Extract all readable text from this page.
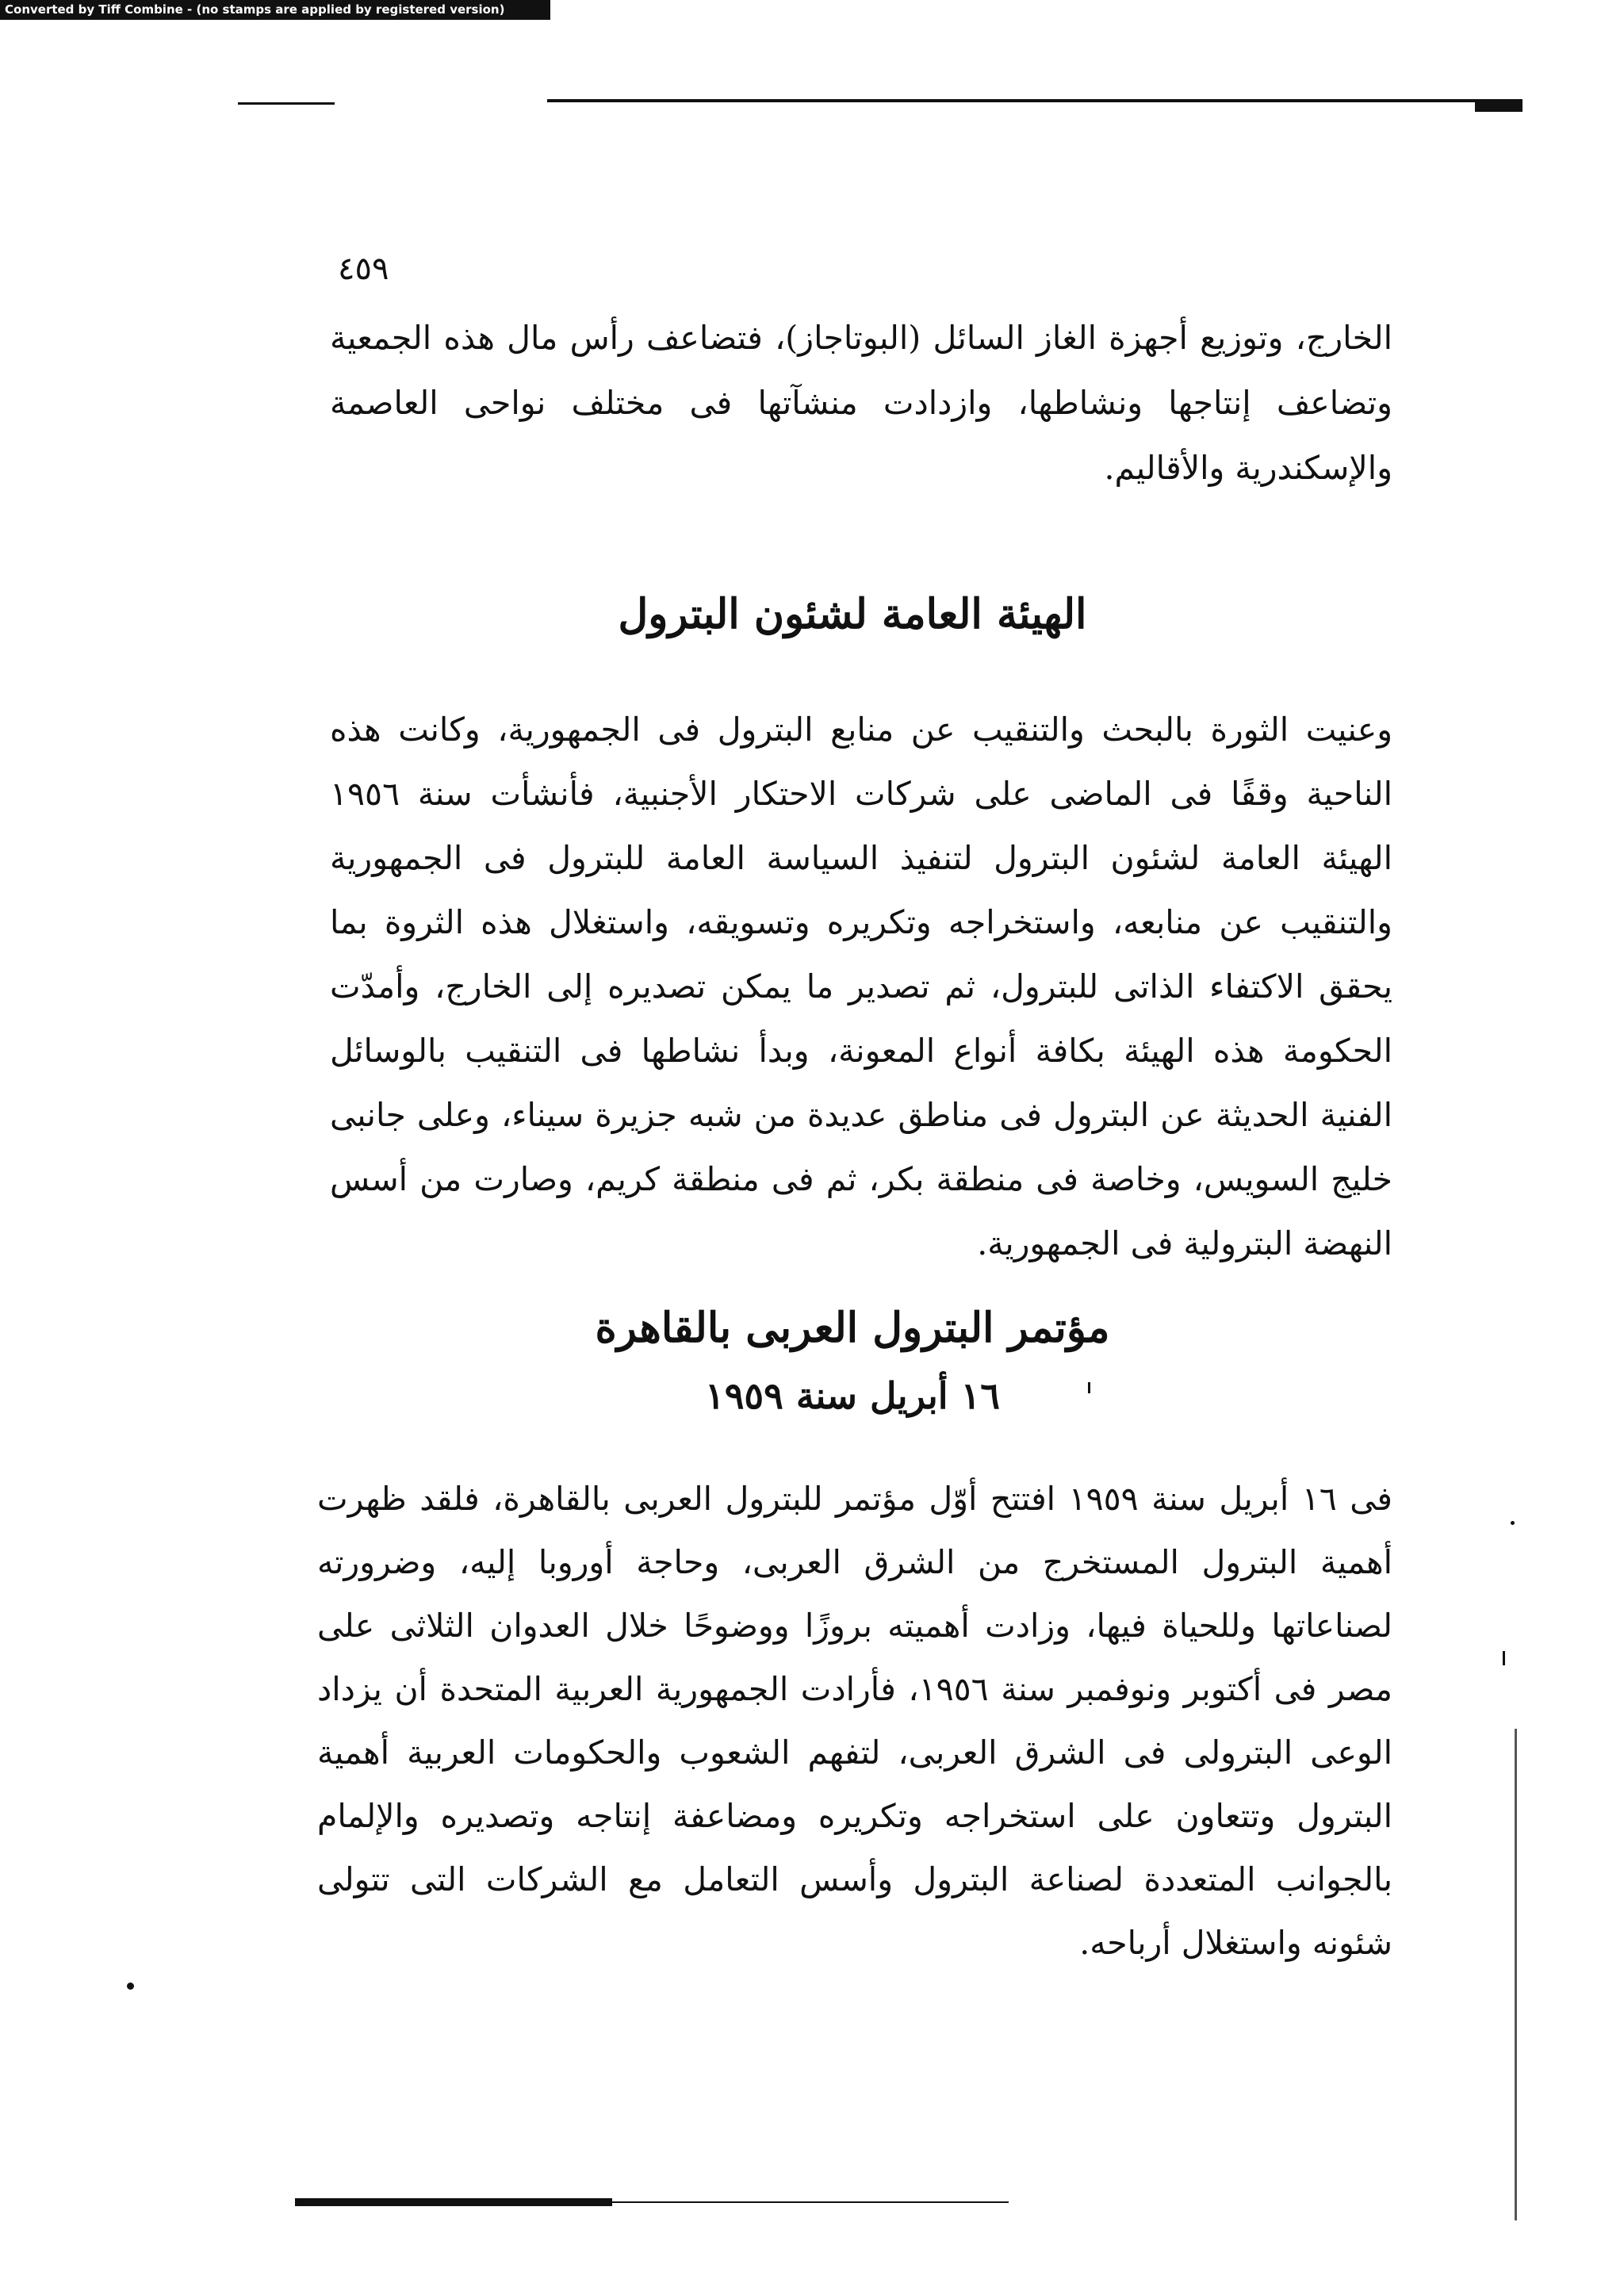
Converted by Tiff Combine - (no stamps are applied by registered version)
٤٥٩

الخارج، وتوزيع أجهزة الغاز السائل (البوتاجاز)، فتضاعف رأس مال هذه الجمعية وتضاعف إنتاجها ونشاطها، وازدادت منشآتها فى مختلف نواحى العاصمة والإسكندرية والأقاليم.

الهيئة العامة لشئون البترول

وعنيت الثورة بالبحث والتنقيب عن منابع البترول فى الجمهورية، وكانت هذه الناحية وقفًا فى الماضى على شركات الاحتكار الأجنبية، فأنشأت سنة ١٩٥٦ الهيئة العامة لشئون البترول لتنفيذ السياسة العامة للبترول فى الجمهورية والتنقيب عن منابعه، واستخراجه وتكريره وتسويقه، واستغلال هذه الثروة بما يحقق الاكتفاء الذاتى للبترول، ثم تصدير ما يمكن تصديره إلى الخارج، وأمدّت الحكومة هذه الهيئة بكافة أنواع المعونة، وبدأ نشاطها فى التنقيب بالوسائل الفنية الحديثة عن البترول فى مناطق عديدة من شبه جزيرة سيناء، وعلى جانبى خليج السويس، وخاصة فى منطقة بكر، ثم فى منطقة كريم، وصارت من أسس النهضة البترولية فى الجمهورية.

مؤتمر البترول العربى بالقاهرة
١٦ أبريل سنة ١٩٥٩

فى ١٦ أبريل سنة ١٩٥٩ افتتح أوّل مؤتمر للبترول العربى بالقاهرة، فلقد ظهرت أهمية البترول المستخرج من الشرق العربى، وحاجة أوروبا إليه، وضرورته لصناعاتها وللحياة فيها، وزادت أهميته بروزًا ووضوحًا خلال العدوان الثلاثى على مصر فى أكتوبر ونوفمبر سنة ١٩٥٦، فأرادت الجمهورية العربية المتحدة أن يزداد الوعى البترولى فى الشرق العربى، لتفهم الشعوب والحكومات العربية أهمية البترول وتتعاون على استخراجه وتكريره ومضاعفة إنتاجه وتصديره والإلمام بالجوانب المتعددة لصناعة البترول وأسس التعامل مع الشركات التى تتولى شئونه واستغلال أرباحه.
